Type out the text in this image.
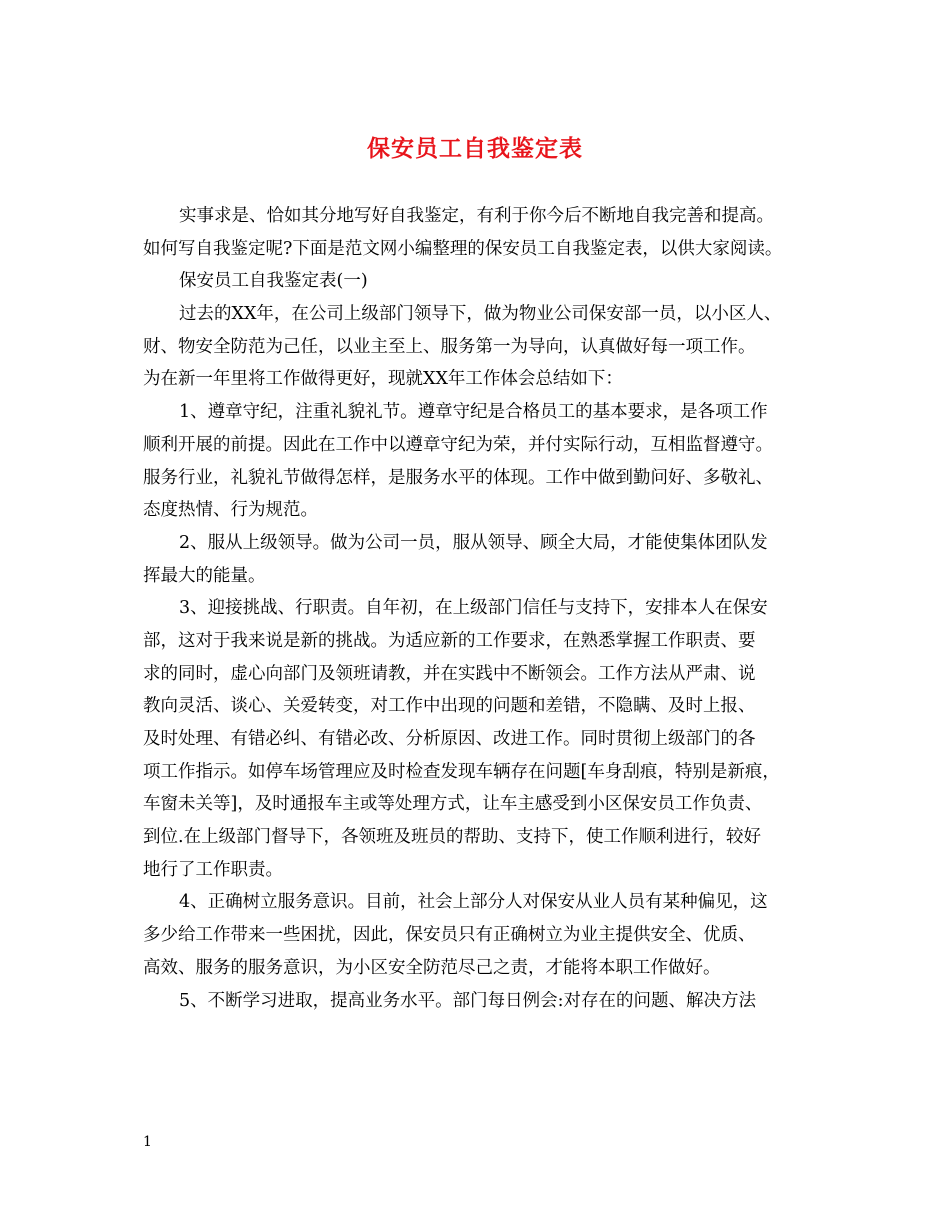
保安员工自我鉴定表
实事求是、恰如其分地写好自我鉴定，有利于你今后不断地自我完善和提高。
如何写自我鉴定呢?下面是范文网小编整理的保安员工自我鉴定表，以供大家阅读。
保安员工自我鉴定表(一)
过去的XX年，在公司上级部门领导下，做为物业公司保安部一员，以小区人、
财、物安全防范为己任，以业主至上、服务第一为导向，认真做好每一项工作。
为在新一年里将工作做得更好，现就XX年工作体会总结如下：
1、遵章守纪，注重礼貌礼节。遵章守纪是合格员工的基本要求，是各项工作
顺利开展的前提。因此在工作中以遵章守纪为荣，并付实际行动，互相监督遵守。
服务行业，礼貌礼节做得怎样，是服务水平的体现。工作中做到勤问好、多敬礼、
态度热情、行为规范。
2、服从上级领导。做为公司一员，服从领导、顾全大局，才能使集体团队发
挥最大的能量。
3、迎接挑战、行职责。自年初，在上级部门信任与支持下，安排本人在保安
部，这对于我来说是新的挑战。为适应新的工作要求，在熟悉掌握工作职责、要
求的同时，虚心向部门及领班请教，并在实践中不断领会。工作方法从严肃、说
教向灵活、谈心、关爱转变，对工作中出现的问题和差错，不隐瞒、及时上报、
及时处理、有错必纠、有错必改、分析原因、改进工作。同时贯彻上级部门的各
项工作指示。如停车场管理应及时检查发现车辆存在问题[车身刮痕，特别是新痕，
车窗未关等]，及时通报车主或等处理方式，让车主感受到小区保安员工作负责、
到位.在上级部门督导下，各领班及班员的帮助、支持下，使工作顺利进行，较好
地行了工作职责。
4、正确树立服务意识。目前，社会上部分人对保安从业人员有某种偏见，这
多少给工作带来一些困扰，因此，保安员只有正确树立为业主提供安全、优质、
高效、服务的服务意识，为小区安全防范尽己之责，才能将本职工作做好。
5、不断学习进取，提高业务水平。部门每日例会:对存在的问题、解决方法
1
